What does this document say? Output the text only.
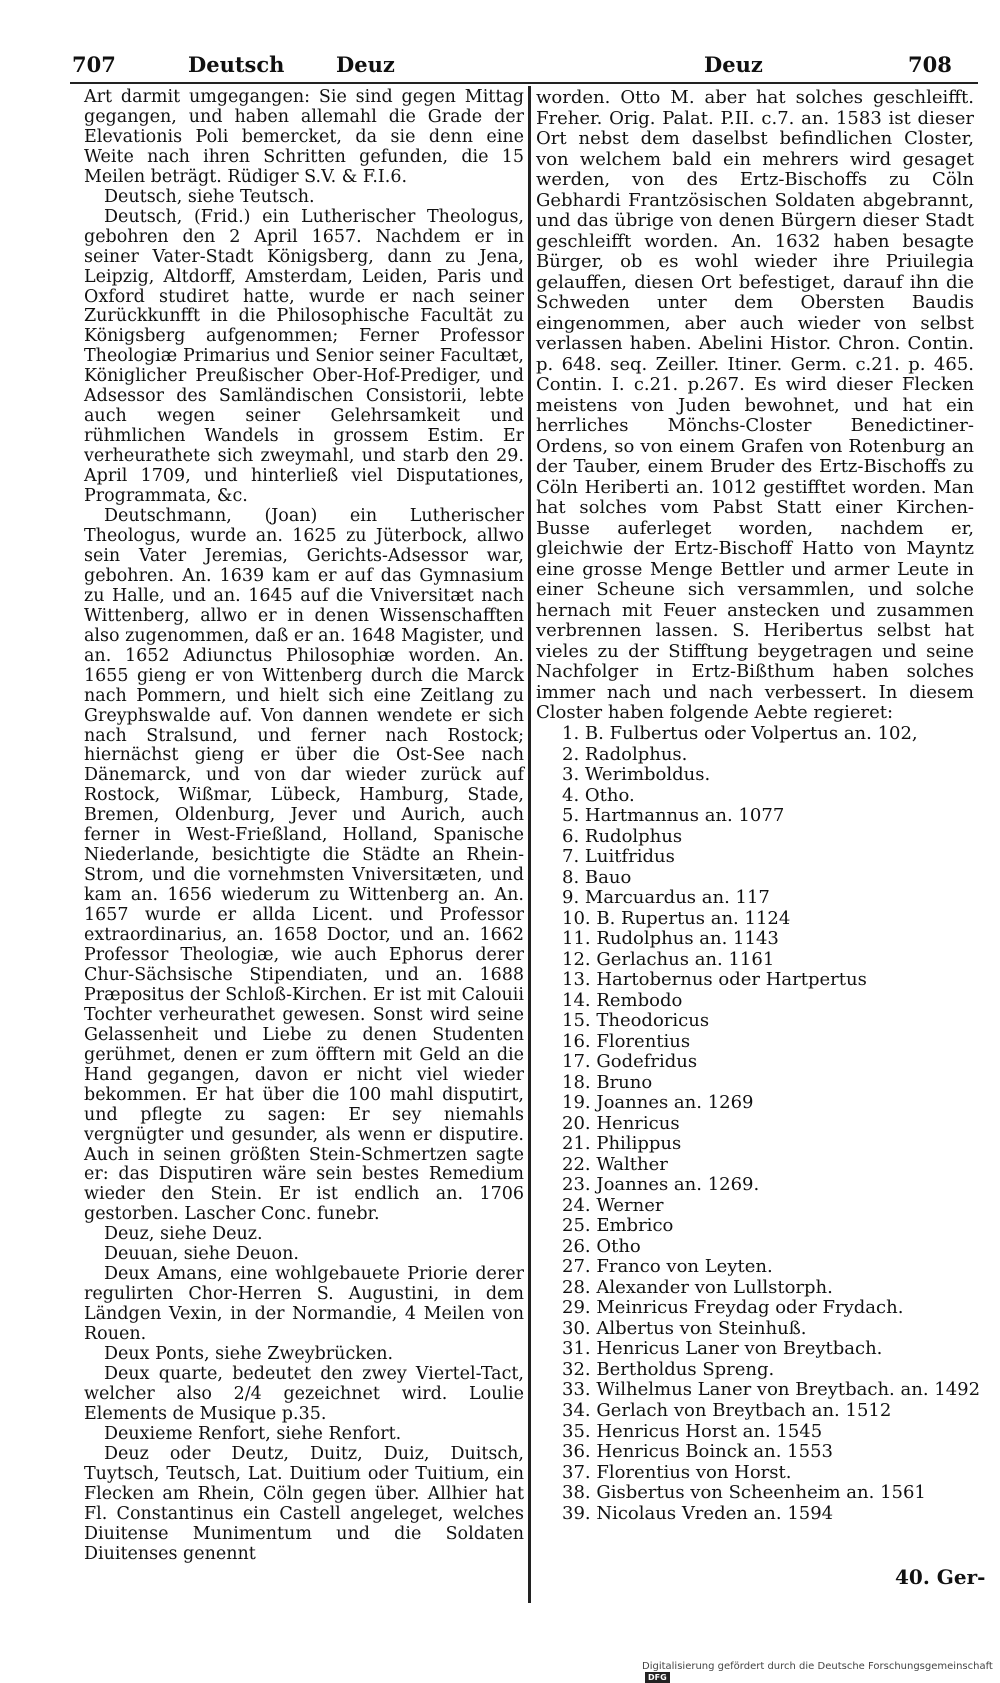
707	Deutsch Deuz	Deuz	708

Art darmit umgegangen: Sie sind gegen Mittag gegangen, und haben allemahl die Grade der Elevationis Poli bemercket, da sie denn eine Weite nach ihren Schritten gefunden, die 15 Meilen beträgt. Rüdiger S.V. & F.I.6.

Deutsch, siehe Teutsch.

Deutsch, (Frid.) ein Lutherischer Theologus, gebohren den 2 April 1657. Nachdem er in seiner Vater-Stadt Königsberg, dann zu Jena, Leipzig, Altdorff, Amsterdam, Leiden, Paris und Oxford studiret hatte, wurde er nach seiner Zurückkunfft in die Philosophische Facultät zu Königsberg aufgenommen; Ferner Professor Theologiæ Primarius und Senior seiner Facultæt, Königlicher Preußischer Ober-Hof-Prediger, und Adsessor des Samländischen Consistorii, lebte auch wegen seiner Gelehrsamkeit und rühmlichen Wandels in grossem Estim. Er verheurathete sich zweymahl, und starb den 29. April 1709, und hinterließ viel Disputationes, Programmata, &c.

Deutschmann, (Joan) ein Lutherischer Theologus, wurde an. 1625 zu Jüterbock, allwo sein Vater Jeremias, Gerichts-Adsessor war, gebohren. An. 1639 kam er auf das Gymnasium zu Halle, und an. 1645 auf die Vniversitæt nach Wittenberg, allwo er in denen Wissenschafften also zugenommen, daß er an. 1648 Magister, und an. 1652 Adiunctus Philosophiæ worden. An. 1655 gieng er von Wittenberg durch die Marck nach Pommern, und hielt sich eine Zeitlang zu Greyphswalde auf. Von dannen wendete er sich nach Stralsund, und ferner nach Rostock; hiernächst gieng er über die Ost-See nach Dänemarck, und von dar wieder zurück auf Rostock, Wißmar, Lübeck, Hamburg, Stade, Bremen, Oldenburg, Jever und Aurich, auch ferner in West-Frießland, Holland, Spanische Niederlande, besichtigte die Städte an Rhein-Strom, und die vornehmsten Vniversitæten, und kam an. 1656 wiederum zu Wittenberg an. An. 1657 wurde er allda Licent. und Professor extraordinarius, an. 1658 Doctor, und an. 1662 Professor Theologiæ, wie auch Ephorus derer Chur-Sächsische Stipendiaten, und an. 1688 Præpositus der Schloß-Kirchen. Er ist mit Calouii Tochter verheurathet gewesen. Sonst wird seine Gelassenheit und Liebe zu denen Studenten gerühmet, denen er zum öfftern mit Geld an die Hand gegangen, davon er nicht viel wieder bekommen. Er hat über die 100 mahl disputirt, und pflegte zu sagen: Er sey niemahls vergnügter und gesunder, als wenn er disputire. Auch in seinen größten Stein-Schmertzen sagte er: das Disputiren wäre sein bestes Remedium wieder den Stein. Er ist endlich an. 1706 gestorben. Lascher Conc. funebr.

Deuz, siehe Deuz.

Deuuan, siehe Deuon.

Deux Amans, eine wohlgebauete Priorie derer regulirten Chor-Herren S. Augustini, in dem Ländgen Vexin, in der Normandie, 4 Meilen von Rouen.

Deux Ponts, siehe Zweybrücken.

Deux quarte, bedeutet den zwey Viertel-Tact, welcher also 2/4 gezeichnet wird. Loulie Elements de Musique p.35.

Deuxieme Renfort, siehe Renfort.

Deuz oder Deutz, Duitz, Duiz, Duitsch, Tuytsch, Teutsch, Lat. Duitium oder Tuitium, ein Flecken am Rhein, Cöln gegen über. Allhier hat Fl. Constantinus ein Castell angeleget, welches Diuitense Munimentum und die Soldaten Diuitenses genennt

worden. Otto M. aber hat solches geschleifft. Freher. Orig. Palat. P.II. c.7. an. 1583 ist dieser Ort nebst dem daselbst befindlichen Closter, von welchem bald ein mehrers wird gesaget werden, von des Ertz-Bischoffs zu Cöln Gebhardi Frantzösischen Soldaten abgebrannt, und das übrige von denen Bürgern dieser Stadt geschleifft worden. An. 1632 haben besagte Bürger, ob es wohl wieder ihre Priuilegia gelauffen, diesen Ort befestiget, darauf ihn die Schweden unter dem Obersten Baudis eingenommen, aber auch wieder von selbst verlassen haben. Abelini Histor. Chron. Contin. p. 648. seq. Zeiller. Itiner. Germ. c.21. p. 465. Contin. I. c.21. p.267. Es wird dieser Flecken meistens von Juden bewohnet, und hat ein herrliches Mönchs-Closter Benedictiner-Ordens, so von einem Grafen von Rotenburg an der Tauber, einem Bruder des Ertz-Bischoffs zu Cöln Heriberti an. 1012 gestifftet worden. Man hat solches vom Pabst Statt einer Kirchen-Busse auferleget worden, nachdem er, gleichwie der Ertz-Bischoff Hatto von Mayntz eine grosse Menge Bettler und armer Leute in einer Scheune sich versammlen, und solche hernach mit Feuer anstecken und zusammen verbrennen lassen. S. Heribertus selbst hat vieles zu der Stifftung beygetragen und seine Nachfolger in Ertz-Bißthum haben solches immer nach und nach verbessert. In diesem Closter haben folgende Aebte regieret:

1. B. Fulbertus oder Volpertus an. 102,
2. Radolphus.
3. Werimboldus.
4. Otho.
5. Hartmannus an. 1077
6. Rudolphus
7. Luitfridus
8. Bauo
9. Marcuardus an. 117
10. B. Rupertus an. 1124
11. Rudolphus an. 1143
12. Gerlachus an. 1161
13. Hartobernus oder Hartpertus
14. Rembodo
15. Theodoricus
16. Florentius
17. Godefridus
18. Bruno
19. Joannes an. 1269
20. Henricus
21. Philippus
22. Walther
23. Joannes an. 1269.
24. Werner
25. Embrico
26. Otho
27. Franco von Leyten.
28. Alexander von Lullstorph.
29. Meinricus Freydag oder Frydach.
30. Albertus von Steinhuß.
31. Henricus Laner von Breytbach.
32. Bertholdus Spreng.
33. Wilhelmus Laner von Breytbach. an. 1492
34. Gerlach von Breytbach an. 1512
35. Henricus Horst an. 1545
36. Henricus Boinck an. 1553
37. Florentius von Horst.
38. Gisbertus von Scheenheim an. 1561
39. Nicolaus Vreden an. 1594
40. Ger-
Digitalisierung gefördert durch die Deutsche Forschungsgemeinschaft DFG
